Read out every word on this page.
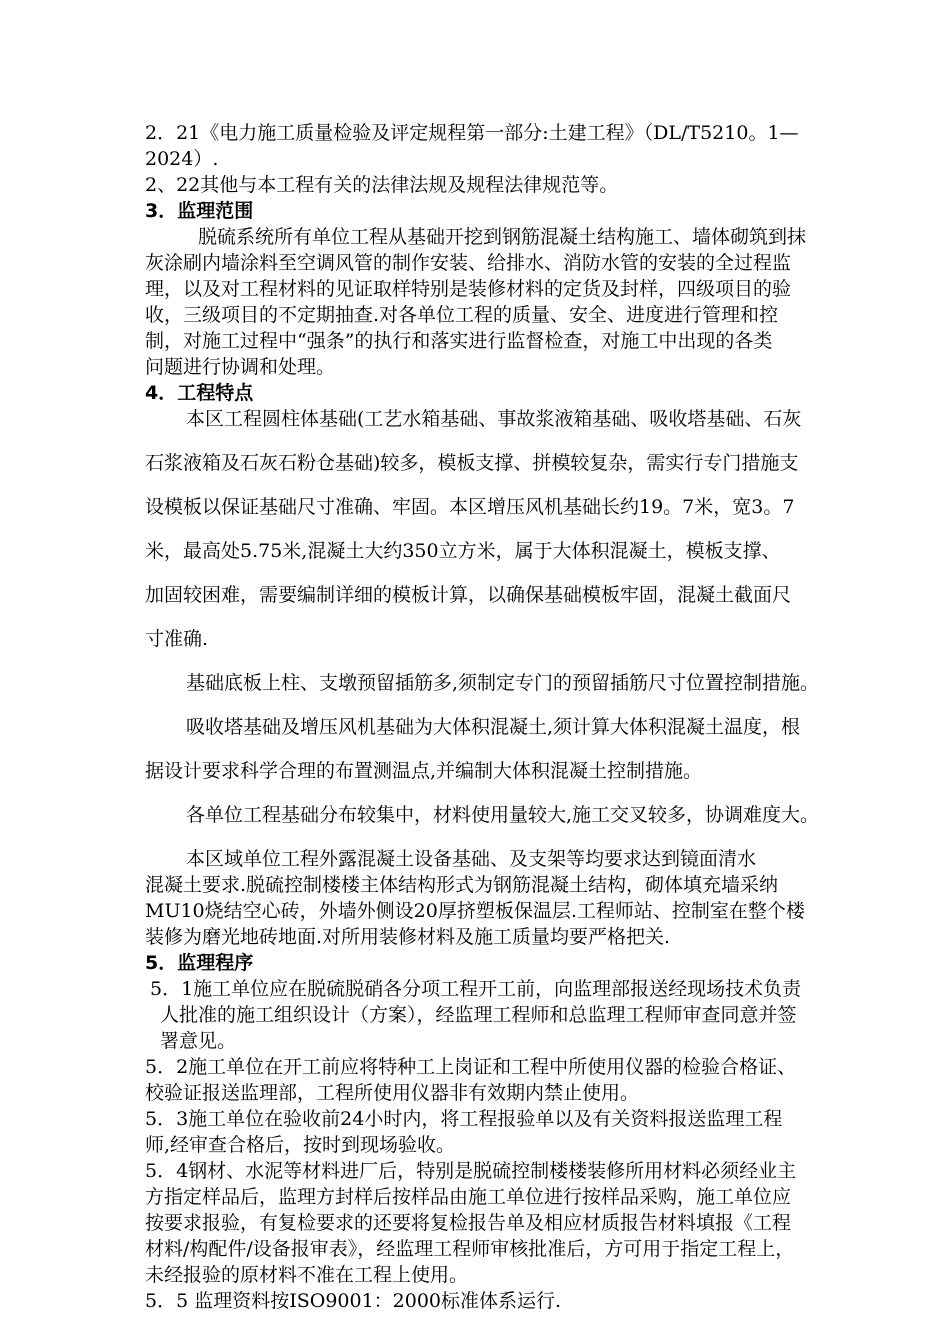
2．21《电力施工质量检验及评定规程第一部分:土建工程》（DL/T5210。1—
2024）.
2、22其他与本工程有关的法律法规及规程法律规范等。
3．监理范围
脱硫系统所有单位工程从基础开挖到钢筋混凝土结构施工、墙体砌筑到抹
灰涂刷内墙涂料至空调风管的制作安装、给排水、消防水管的安装的全过程监
理，以及对工程材料的见证取样特别是装修材料的定货及封样，四级项目的验
收，三级项目的不定期抽查.对各单位工程的质量、安全、进度进行管理和控
制，对施工过程中“强条”的执行和落实进行监督检查，对施工中出现的各类
问题进行协调和处理。
4．工程特点
本区工程圆柱体基础(工艺水箱基础、事故浆液箱基础、吸收塔基础、石灰
石浆液箱及石灰石粉仓基础)较多，模板支撑、拼模较复杂，需实行专门措施支
设模板以保证基础尺寸准确、牢固。本区增压风机基础长约19。7米，宽3。7
米，最高处5.75米,混凝土大约350立方米，属于大体积混凝土，模板支撑、
加固较困难，需要编制详细的模板计算，以确保基础模板牢固，混凝土截面尺
寸准确.
基础底板上柱、支墩预留插筋多,须制定专门的预留插筋尺寸位置控制措施。
吸收塔基础及增压风机基础为大体积混凝土,须计算大体积混凝土温度，根
据设计要求科学合理的布置测温点,并编制大体积混凝土控制措施。
各单位工程基础分布较集中，材料使用量较大,施工交叉较多，协调难度大。
本区域单位工程外露混凝土设备基础、及支架等均要求达到镜面清水
混凝土要求.脱硫控制楼楼主体结构形式为钢筋混凝土结构，砌体填充墙采纳
MU10烧结空心砖，外墙外侧设20厚挤塑板保温层.工程师站、控制室在整个楼
装修为磨光地砖地面.对所用装修材料及施工质量均要严格把关.
5．监理程序
5．1施工单位应在脱硫脱硝各分项工程开工前，向监理部报送经现场技术负责
人批准的施工组织设计（方案），经监理工程师和总监理工程师审查同意并签
署意见。
5．2施工单位在开工前应将特种工上岗证和工程中所使用仪器的检验合格证、
校验证报送监理部，工程所使用仪器非有效期内禁止使用。
5．3施工单位在验收前24小时内，将工程报验单以及有关资料报送监理工程
师,经审查合格后，按时到现场验收。
5．4钢材、水泥等材料进厂后，特别是脱硫控制楼楼装修所用材料必须经业主
方指定样品后，监理方封样后按样品由施工单位进行按样品采购，施工单位应
按要求报验，有复检要求的还要将复检报告单及相应材质报告材料填报《工程
材料/构配件/设备报审表》，经监理工程师审核批准后，方可用于指定工程上，
未经报验的原材料不准在工程上使用。
5．5 监理资料按ISO9001：2000标准体系运行.
